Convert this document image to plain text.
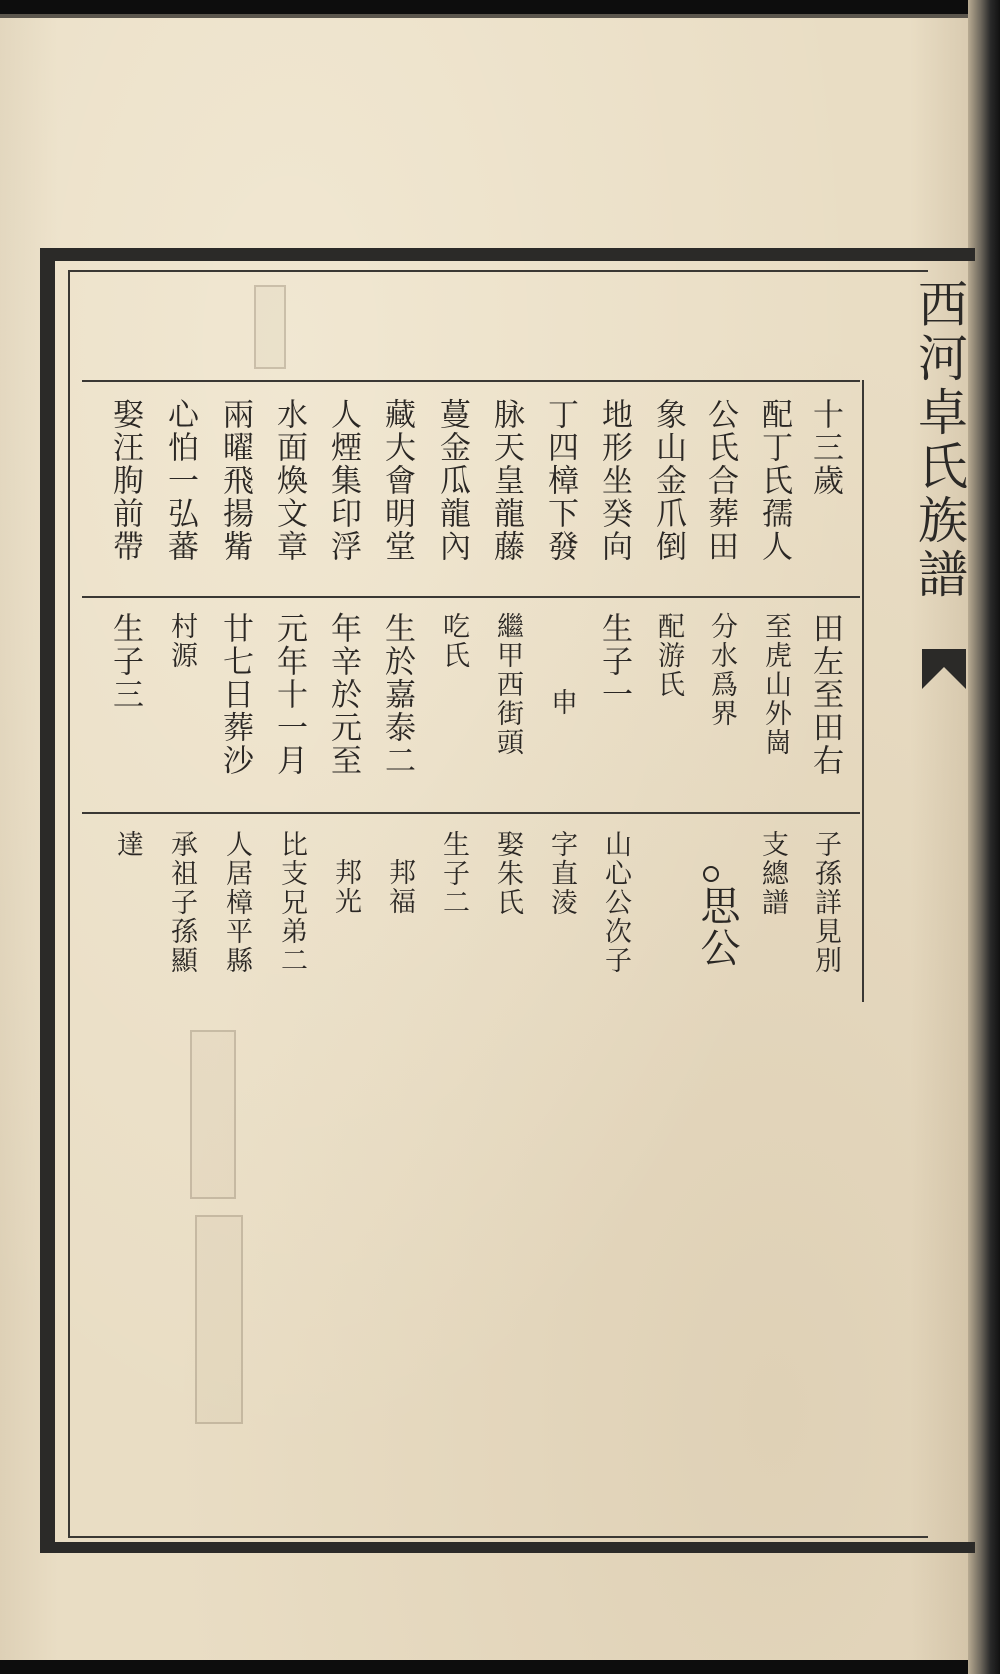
西河卓氏族譜
十三歲
配丁氏孺人
公氏合葬田
象山金爪倒
地形坐癸向
丁四樟下發
脉天皇龍藤
蔓金瓜龍內
藏大會明堂
人煙集印浮
水面煥文章
兩曜飛揚觜
心怕一弘蕃
娶汪朐前帶
田左至田右
至虎山外崗
分水爲界
配游氏
生子一
申
繼甲西街頭
吃氏
生於嘉泰二
年辛於元至
元年十一月
廿七日葬沙
村源
生子三
子孫詳見別
支總譜
思公
山心公次子
字直淩
娶朱氏
生子二
邦福
邦光
比支兄弟二
人居樟平縣
承祖子孫顯
達
